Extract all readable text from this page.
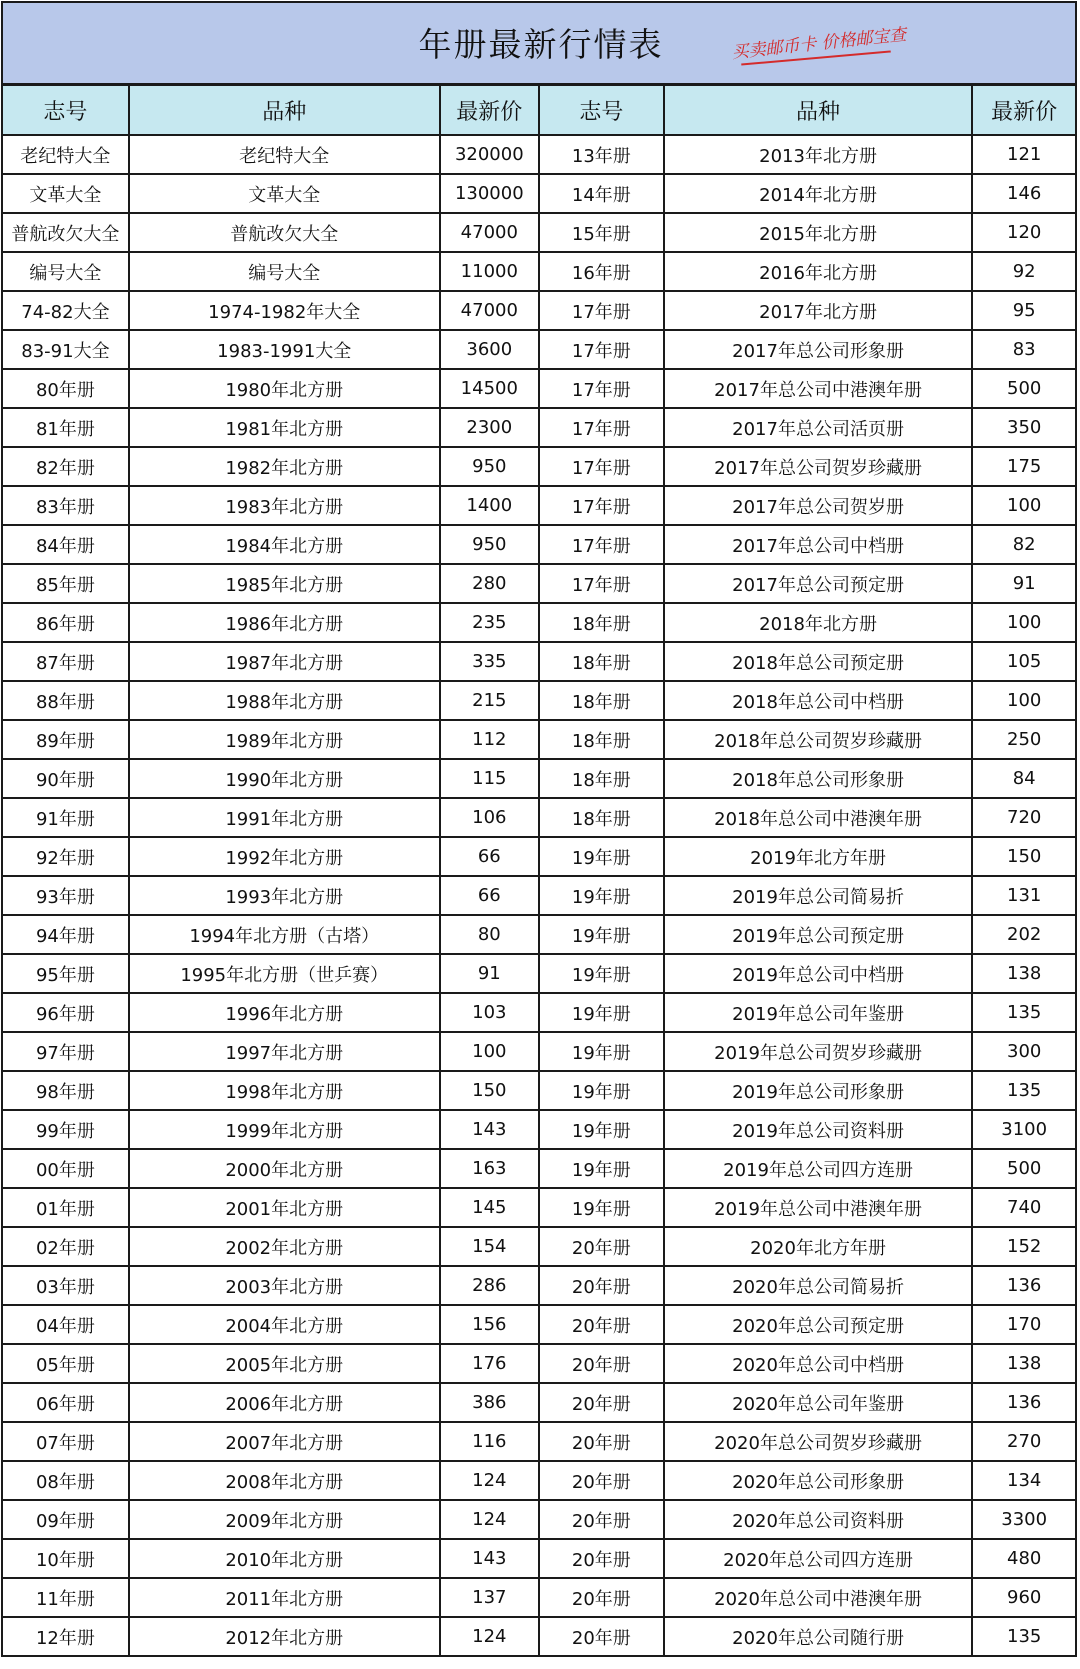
年册最新行情表	买卖邮币卡 价格邮宝查
志号	品种	最新价	志号	品种	最新价
老纪特大全	老纪特大全	320000	13年册	2013年北方册	121
文革大全	文革大全	130000	14年册	2014年北方册	146
普航改欠大全	普航改欠大全	47000	15年册	2015年北方册	120
编号大全	编号大全	11000	16年册	2016年北方册	92
74-82大全	1974-1982年大全	47000	17年册	2017年北方册	95
83-91大全	1983-1991大全	3600	17年册	2017年总公司形象册	83
80年册	1980年北方册	14500	17年册	2017年总公司中港澳年册	500
81年册	1981年北方册	2300	17年册	2017年总公司活页册	350
82年册	1982年北方册	950	17年册	2017年总公司贺岁珍藏册	175
83年册	1983年北方册	1400	17年册	2017年总公司贺岁册	100
84年册	1984年北方册	950	17年册	2017年总公司中档册	82
85年册	1985年北方册	280	17年册	2017年总公司预定册	91
86年册	1986年北方册	235	18年册	2018年北方册	100
87年册	1987年北方册	335	18年册	2018年总公司预定册	105
88年册	1988年北方册	215	18年册	2018年总公司中档册	100
89年册	1989年北方册	112	18年册	2018年总公司贺岁珍藏册	250
90年册	1990年北方册	115	18年册	2018年总公司形象册	84
91年册	1991年北方册	106	18年册	2018年总公司中港澳年册	720
92年册	1992年北方册	66	19年册	2019年北方年册	150
93年册	1993年北方册	66	19年册	2019年总公司简易折	131
94年册	1994年北方册（古塔）	80	19年册	2019年总公司预定册	202
95年册	1995年北方册（世乒赛）	91	19年册	2019年总公司中档册	138
96年册	1996年北方册	103	19年册	2019年总公司年鉴册	135
97年册	1997年北方册	100	19年册	2019年总公司贺岁珍藏册	300
98年册	1998年北方册	150	19年册	2019年总公司形象册	135
99年册	1999年北方册	143	19年册	2019年总公司资料册	3100
00年册	2000年北方册	163	19年册	2019年总公司四方连册	500
01年册	2001年北方册	145	19年册	2019年总公司中港澳年册	740
02年册	2002年北方册	154	20年册	2020年北方年册	152
03年册	2003年北方册	286	20年册	2020年总公司简易折	136
04年册	2004年北方册	156	20年册	2020年总公司预定册	170
05年册	2005年北方册	176	20年册	2020年总公司中档册	138
06年册	2006年北方册	386	20年册	2020年总公司年鉴册	136
07年册	2007年北方册	116	20年册	2020年总公司贺岁珍藏册	270
08年册	2008年北方册	124	20年册	2020年总公司形象册	134
09年册	2009年北方册	124	20年册	2020年总公司资料册	3300
10年册	2010年北方册	143	20年册	2020年总公司四方连册	480
11年册	2011年北方册	137	20年册	2020年总公司中港澳年册	960
12年册	2012年北方册	124	20年册	2020年总公司随行册	135
